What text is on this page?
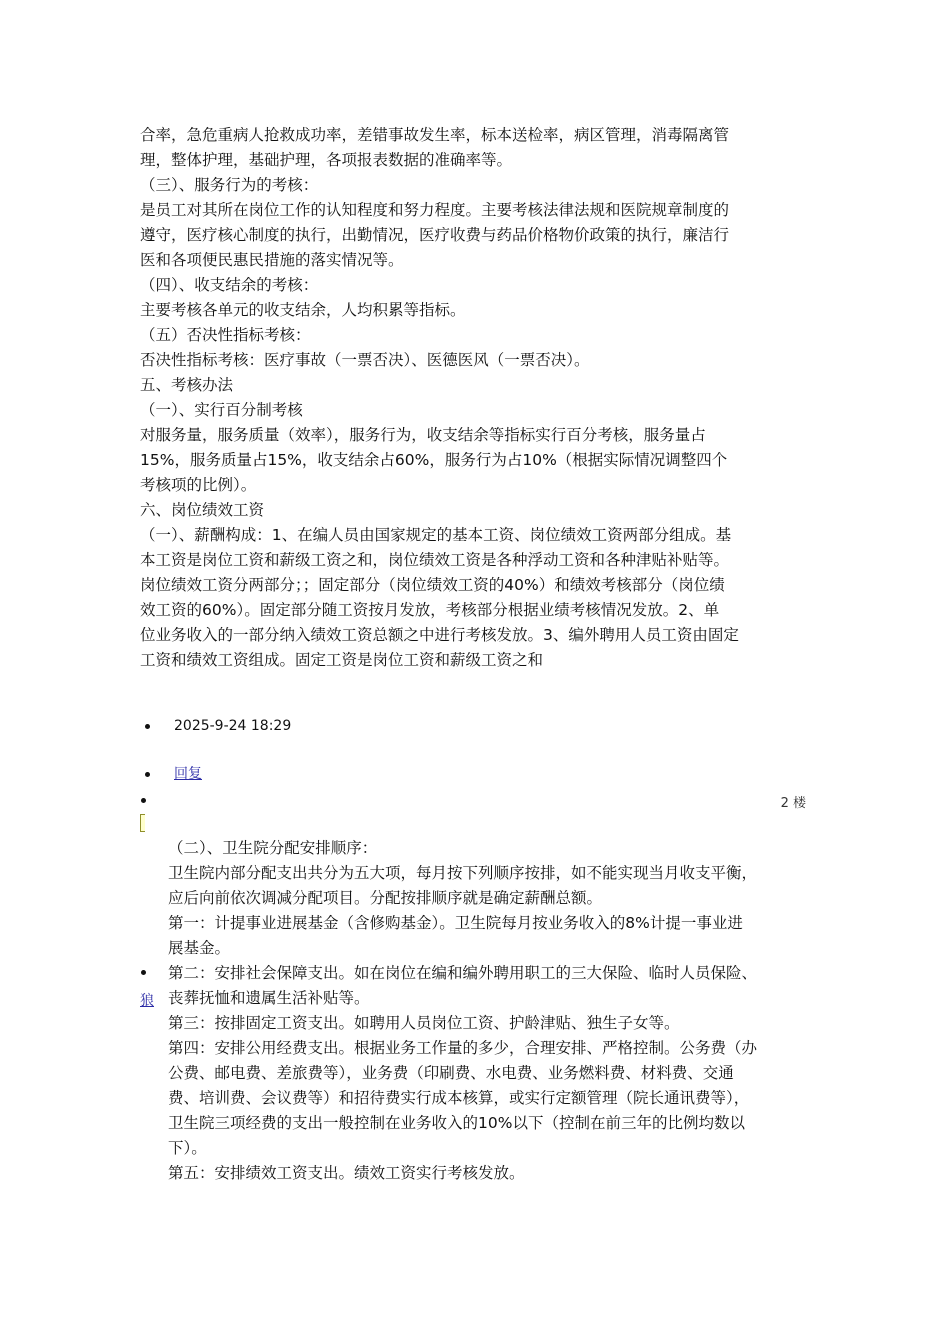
合率，急危重病人抢救成功率，差错事故发生率，标本送检率，病区管理，消毒隔离管
理，整体护理，基础护理，各项报表数据的准确率等。
（三）、服务行为的考核：
是员工对其所在岗位工作的认知程度和努力程度。主要考核法律法规和医院规章制度的
遵守，医疗核心制度的执行，出勤情况，医疗收费与药品价格物价政策的执行，廉洁行
医和各项便民惠民措施的落实情况等。
（四）、收支结余的考核：
主要考核各单元的收支结余，人均积累等指标。
（五）否决性指标考核：
否决性指标考核：医疗事故（一票否决）、医德医风（一票否决）。
五、考核办法
（一）、实行百分制考核
对服务量，服务质量（效率），服务行为，收支结余等指标实行百分考核，服务量占
15%，服务质量占15%，收支结余占60%，服务行为占10%（根据实际情况调整四个
考核项的比例）。
六、岗位绩效工资
（一）、薪酬构成：1、在编人员由国家规定的基本工资、岗位绩效工资两部分组成。基
本工资是岗位工资和薪级工资之和，岗位绩效工资是各种浮动工资和各种津贴补贴等。
岗位绩效工资分两部分；；固定部分（岗位绩效工资的40%）和绩效考核部分（岗位绩
效工资的60%）。固定部分随工资按月发放，考核部分根据业绩考核情况发放。2、单
位业务收入的一部分纳入绩效工资总额之中进行考核发放。3、编外聘用人员工资由固定
工资和绩效工资组成。固定工资是岗位工资和薪级工资之和
2025-9-24 18:29
回复
2 楼
狼
（二）、卫生院分配安排顺序：
卫生院内部分配支出共分为五大项，每月按下列顺序按排，如不能实现当月收支平衡，
应后向前依次调减分配项目。分配按排顺序就是确定薪酬总额。
第一：计提事业进展基金（含修购基金）。卫生院每月按业务收入的8%计提一事业进
展基金。
第二：安排社会保障支出。如在岗位在编和编外聘用职工的三大保险、临时人员保险、
丧葬抚恤和遗属生活补贴等。
第三：按排固定工资支出。如聘用人员岗位工资、护龄津贴、独生子女等。
第四：安排公用经费支出。根据业务工作量的多少，合理安排、严格控制。公务费（办
公费、邮电费、差旅费等），业务费（印刷费、水电费、业务燃料费、材料费、交通
费、培训费、会议费等）和招待费实行成本核算，或实行定额管理（院长通讯费等），
卫生院三项经费的支出一般控制在业务收入的10%以下（控制在前三年的比例均数以
下）。
第五：安排绩效工资支出。绩效工资实行考核发放。
